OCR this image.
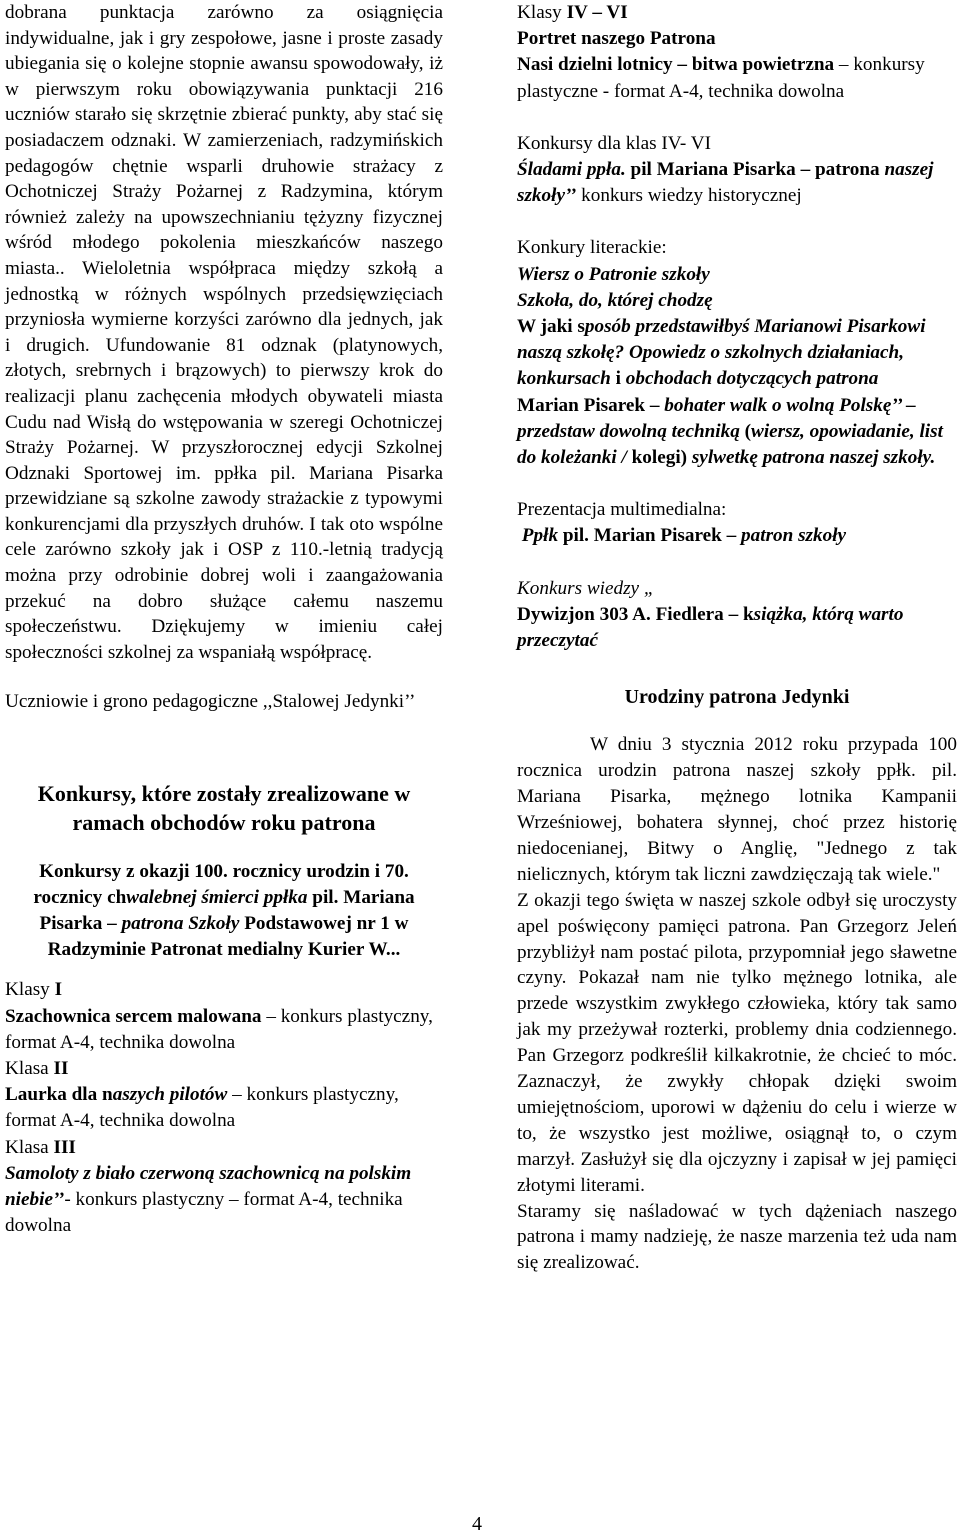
dobrana punktacja zarówno za osiągnięcia indywidualne, jak i gry zespołowe, jasne i proste zasady ubiegania się o kolejne stopnie awansu spowodowały, iż w pierwszym roku obowiązywania punktacji 216 uczniów starało się skrzętnie zbierać punkty, aby stać się posiadaczem odznaki. W zamierzeniach, radzymińskich pedagogów chętnie wsparli druhowie strażacy z Ochotniczej Straży Pożarnej z Radzymina, którym również zależy na upowszechnianiu tężyzny fizycznej wśród młodego pokolenia mieszkańców naszego miasta.. Wieloletnia współpraca między szkołą a jednostką w różnych wspólnych przedsięwzięciach przyniosła wymierne korzyści zarówno dla jednych, jak i drugich. Ufundowanie 81 odznak (platynowych, złotych, srebrnych i brązowych) to pierwszy krok do realizacji planu zachęcenia młodych obywateli miasta Cudu nad Wisłą do wstępowania w szeregi Ochotniczej Straży Pożarnej. W przyszłorocznej edycji Szkolnej Odznaki Sportowej im. ppłka pil. Mariana Pisarka przewidziane są szkolne zawody strażackie z typowymi konkurencjami dla przyszłych druhów. I tak oto wspólne cele zarówno szkoły jak i OSP z 110.-letnią tradycją można przy odrobinie dobrej woli i zaangażowania przekuć na dobro służące całemu naszemu społeczeństwu. Dziękujemy w imieniu całej społeczności szkolnej za wspaniałą współpracę.

Uczniowie i grono pedagogiczne ,,Stalowej Jedynki’’

Konkursy, które zostały zrealizowane w ramach obchodów roku patrona

Konkursy z okazji 100. rocznicy urodzin i 70. rocznicy chwalebnej śmierci ppłka pil. Mariana Pisarka – patrona Szkoły Podstawowej nr 1 w Radzyminie Patronat medialny Kurier W...

Klasy I
Szachownica sercem malowana – konkurs plastyczny, format A-4, technika dowolna
Klasa II
Laurka dla naszych pilotów – konkurs plastyczny, format A-4, technika dowolna
Klasa III
Samoloty z biało czerwoną szachownicą na polskim niebie’’- konkurs plastyczny – format A-4, technika dowolna
Klasy IV – VI
Portret naszego Patrona
Nasi dzielni lotnicy – bitwa powietrzna – konkursy plastyczne - format A-4, technika dowolna
Konkursy dla klas IV- VI
Śladami ppła. pil Mariana Pisarka – patrona naszej szkoły’’ konkurs wiedzy historycznej
Konkury literackie:
Wiersz o Patronie szkoły
Szkoła, do, której chodzę
W jaki sposób przedstawiłbyś Marianowi Pisarkowi naszą szkołę? Opowiedz o szkolnych działaniach, konkursach i obchodach dotyczących patrona
Marian Pisarek – bohater walk o wolną Polskę’’ – przedstaw dowolną techniką (wiersz, opowiadanie, list do koleżanki / kolegi) sylwetkę patrona naszej szkoły.
Prezentacja multimedialna:
Ppłk pil. Marian Pisarek – patron szkoły
Konkurs wiedzy „
Dywizjon 303 A. Fiedlera – książka, którą warto przeczytać
Urodziny patrona Jedynki

W dniu 3 stycznia 2012 roku przypada 100 rocznica urodzin patrona naszej szkoły ppłk. pil. Mariana Pisarka, mężnego lotnika Kampanii Wrześniowej, bohatera słynnej, choć przez historię niedocenianej, Bitwy o Anglię, "Jednego z tak nielicznych, którym tak liczni zawdzięczają tak wiele."

Z okazji tego święta w naszej szkole odbył się uroczysty apel poświęcony pamięci patrona. Pan Grzegorz Jeleń przybliżył nam postać pilota, przypomniał jego sławetne czyny. Pokazał nam nie tylko mężnego lotnika, ale przede wszystkim zwykłego człowieka, który tak samo jak my przeżywał rozterki, problemy dnia codziennego. Pan Grzegorz podkreślił kilkakrotnie, że chcieć to móc. Zaznaczył, że zwykły chłopak dzięki swoim umiejętnościom, uporowi w dążeniu do celu i wierze w to, że wszystko jest możliwe, osiągnął to, o czym marzył. Zasłużył się dla ojczyzny i zapisał w jej pamięci złotymi literami.

Staramy się naśladować w tych dążeniach naszego patrona i mamy nadzieję, że nasze marzenia też uda nam się zrealizować.

4
